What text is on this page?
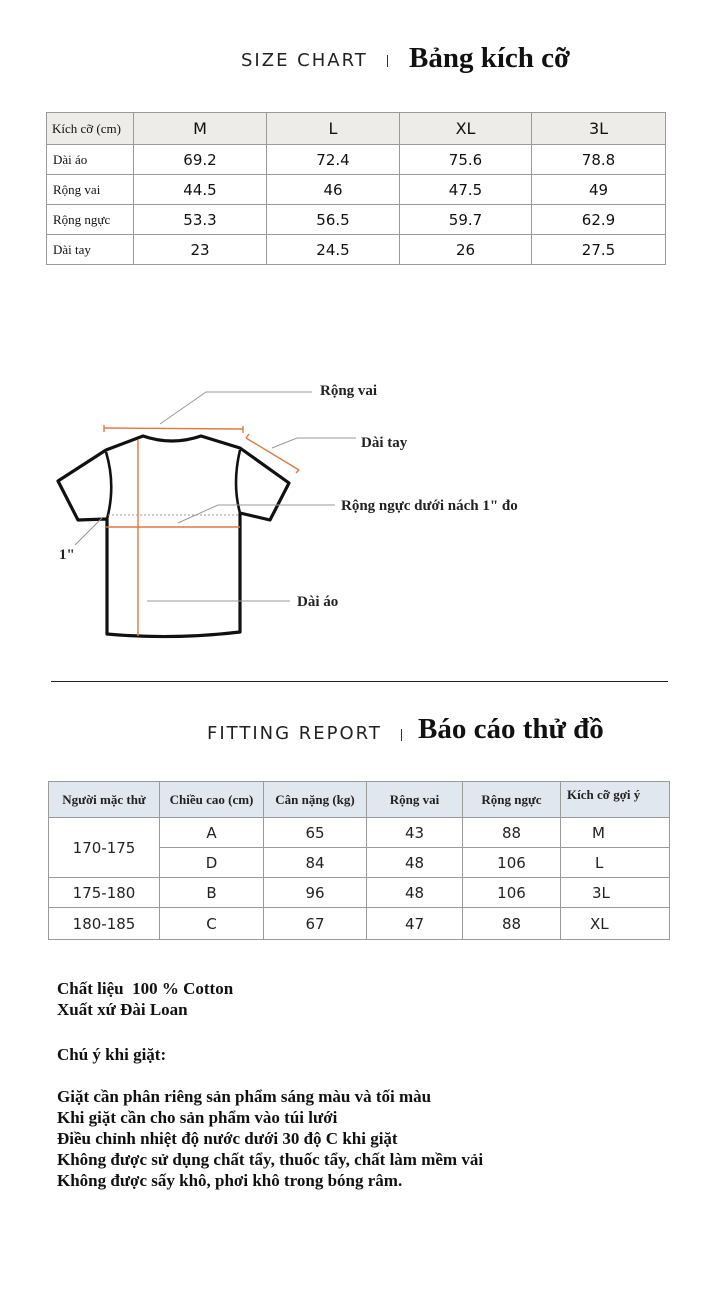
SIZE CHART Bảng kích cỡ
Kích cỡ (cm)	M	L	XL	3L
Dài áo	69.2	72.4	75.6	78.8
Rộng vai	44.5	46	47.5	49
Rộng ngực	53.3	56.5	59.7	62.9
Dài tay	23	24.5	26	27.5
Rộng vai
Dài tay
Rộng ngực dưới nách 1" đo
1"
Dài áo
FITTING REPORT Báo cáo thử đồ
Người mặc thử	Chiều cao (cm)	Cân nặng (kg)	Rộng vai	Rộng ngực	Kích cỡ gợi ý
170-175	A	65	43	88	M
	D	84	48	106	L
175-180	B	96	48	106	3L
180-185	C	67	47	88	XL
Chất liệu  100 % Cotton
Xuất xứ Đài Loan
Chú ý khi giặt:
Giặt cần phân riêng sản phẩm sáng màu và tối màu
Khi giặt cần cho sản phẩm vào túi lưới
Điều chỉnh nhiệt độ nước dưới 30 độ C khi giặt
Không được sử dụng chất tẩy, thuốc tẩy, chất làm mềm vải
Không được sấy khô, phơi khô trong bóng râm.
